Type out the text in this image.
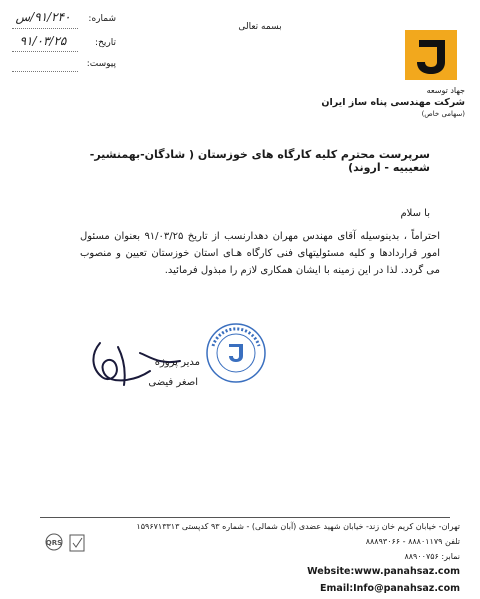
بسمه تعالی
شماره:
۹۱/۲۴۰/س
تاریخ:
۹۱/۰۳/۲۵
پیوست:
جهاد توسعه
شرکت مهندسی پناه ساز ایران (سهامی خاص)
سرپرست محترم کلیه کارگاه های خوزستان ( شادگان-بهمنشیر-شعیبیه - اروند)
با سلام
احتراماً ، بدینوسیله آقای مهندس مهران دهدارنسب از تاریخ ۹۱/۰۳/۲۵ بعنوان مسئول امور قراردادها و کلیه مسئولیتهای فنی کارگاه هـای استان خوزستان تعیین و منصوب می گردد. لذا در این زمینه با ایشان همکاری لازم را مبذول فرمائید.
مدیر پروژه
اصغر فیضی
QRS
تهران- خیابان کریم خان زند- خیابان شهید عضدی (آبان شمالی) - شماره ۹۳ کدپستی ۱۵۹۶۷۱۳۳۱۳
تلفن ۸۸۸۰۱۱۷۹ - ۸۸۸۹۳۰۶۶
نمابر: ۸۸۹۰۰۷۵۶
Website:www.panahsaz.com
Email:Info@panahsaz.com
